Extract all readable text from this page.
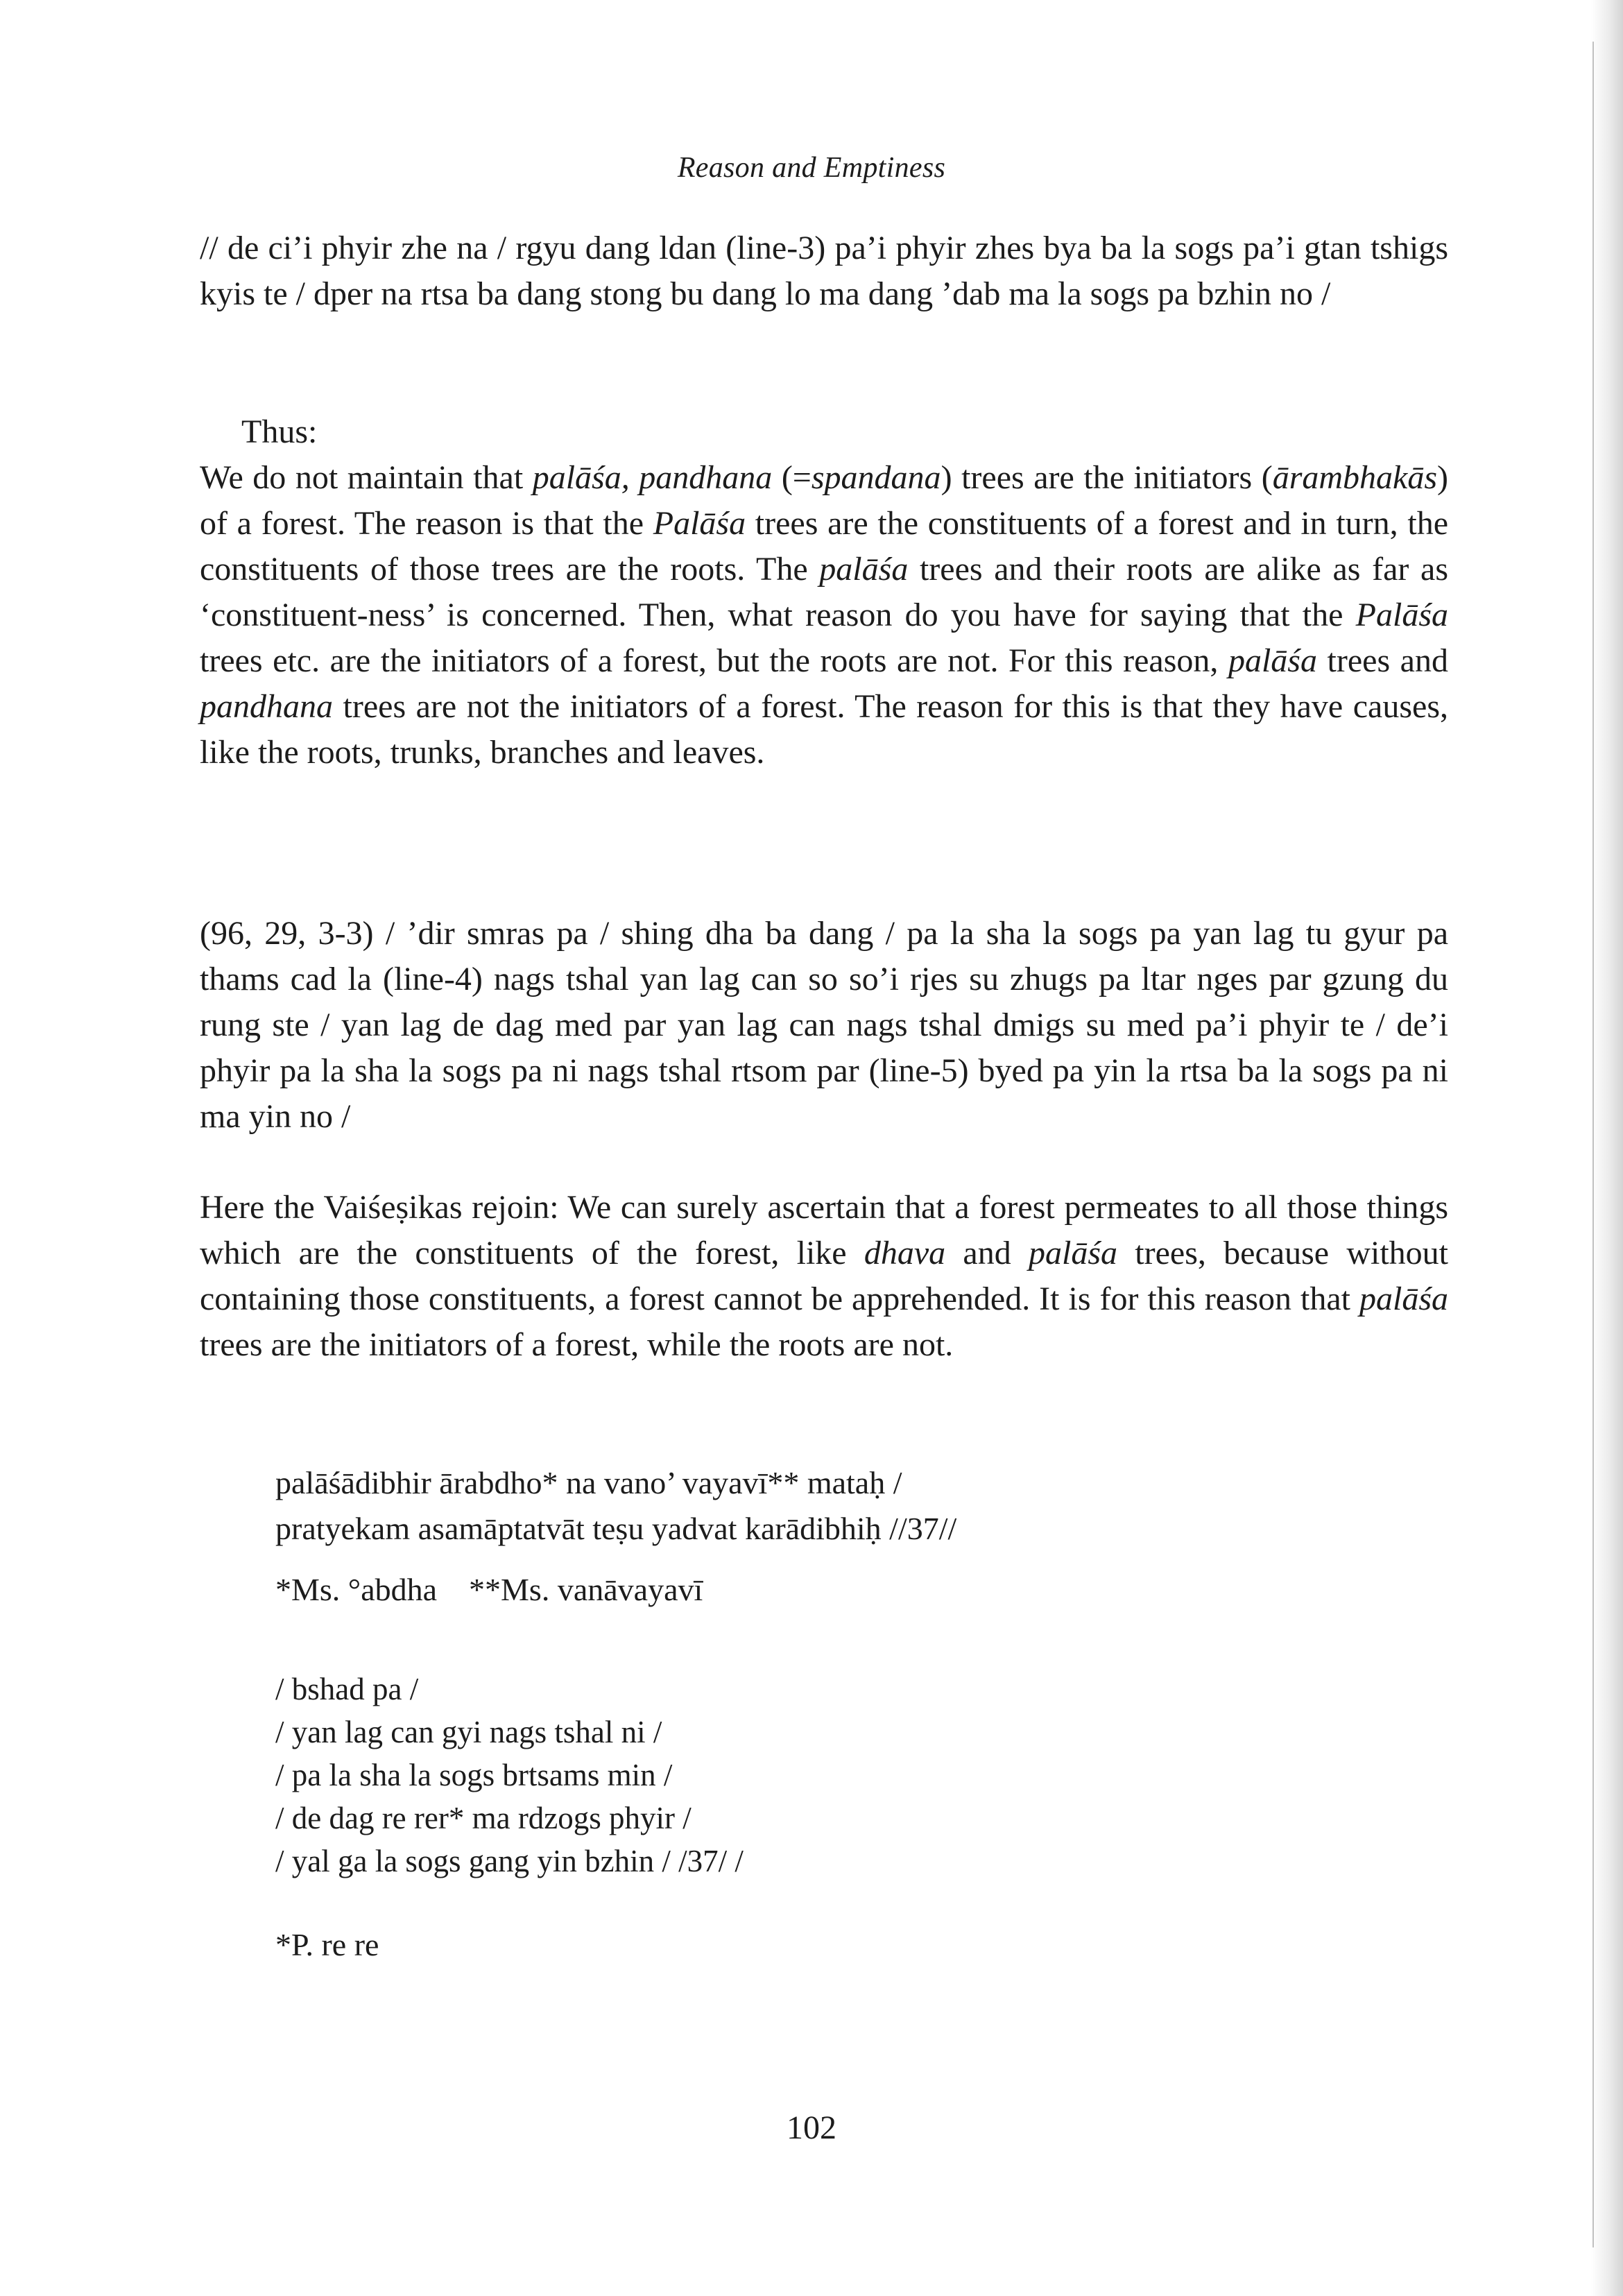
Reason and Emptiness

// de ci’i phyir zhe na / rgyu dang ldan (line-3) pa’i phyir zhes bya ba la sogs pa’i gtan tshigs kyis te / dper na rtsa ba dang stong bu dang lo ma dang ’dab ma la sogs pa bzhin no /

Thus:

We do not maintain that palāśa, pandhana (=spandana) trees are the initiators (ārambhakās) of a forest. The reason is that the Palāśa trees are the constituents of a forest and in turn, the constituents of those trees are the roots. The palāśa trees and their roots are alike as far as ‘constituent-ness’ is concerned. Then, what reason do you have for saying that the Palāśa trees etc. are the initiators of a forest, but the roots are not. For this reason, palāśa trees and pandhana trees are not the initiators of a forest. The reason for this is that they have causes, like the roots, trunks, branches and leaves.

(96, 29, 3-3) / ’dir smras pa / shing dha ba dang / pa la sha la sogs pa yan lag tu gyur pa thams cad la (line-4) nags tshal yan lag can so so’i rjes su zhugs pa ltar nges par gzung du rung ste / yan lag de dag med par yan lag can nags tshal dmigs su med pa’i phyir te / de’i phyir pa la sha la sogs pa ni nags tshal rtsom par (line-5) byed pa yin la rtsa ba la sogs pa ni ma yin no /

Here the Vaiśeṣikas rejoin: We can surely ascertain that a forest permeates to all those things which are the constituents of the forest, like dhava and palāśa trees, because without containing those constituents, a forest cannot be apprehended. It is for this reason that palāśa trees are the initiators of a forest, while the roots are not.

palāśādibhir ārabdho* na vano’ vayavī** mataḥ /
pratyekam asamāptatvāt teṣu yadvat karādibhiḥ //37//
*Ms. °abdha    **Ms. vanāvayavī
/ bshad pa /
/ yan lag can gyi nags tshal ni /
/ pa la sha la sogs brtsams min /
/ de dag re rer* ma rdzogs phyir /
/ yal ga la sogs gang yin bzhin / /37/ /
*P. re re
102
